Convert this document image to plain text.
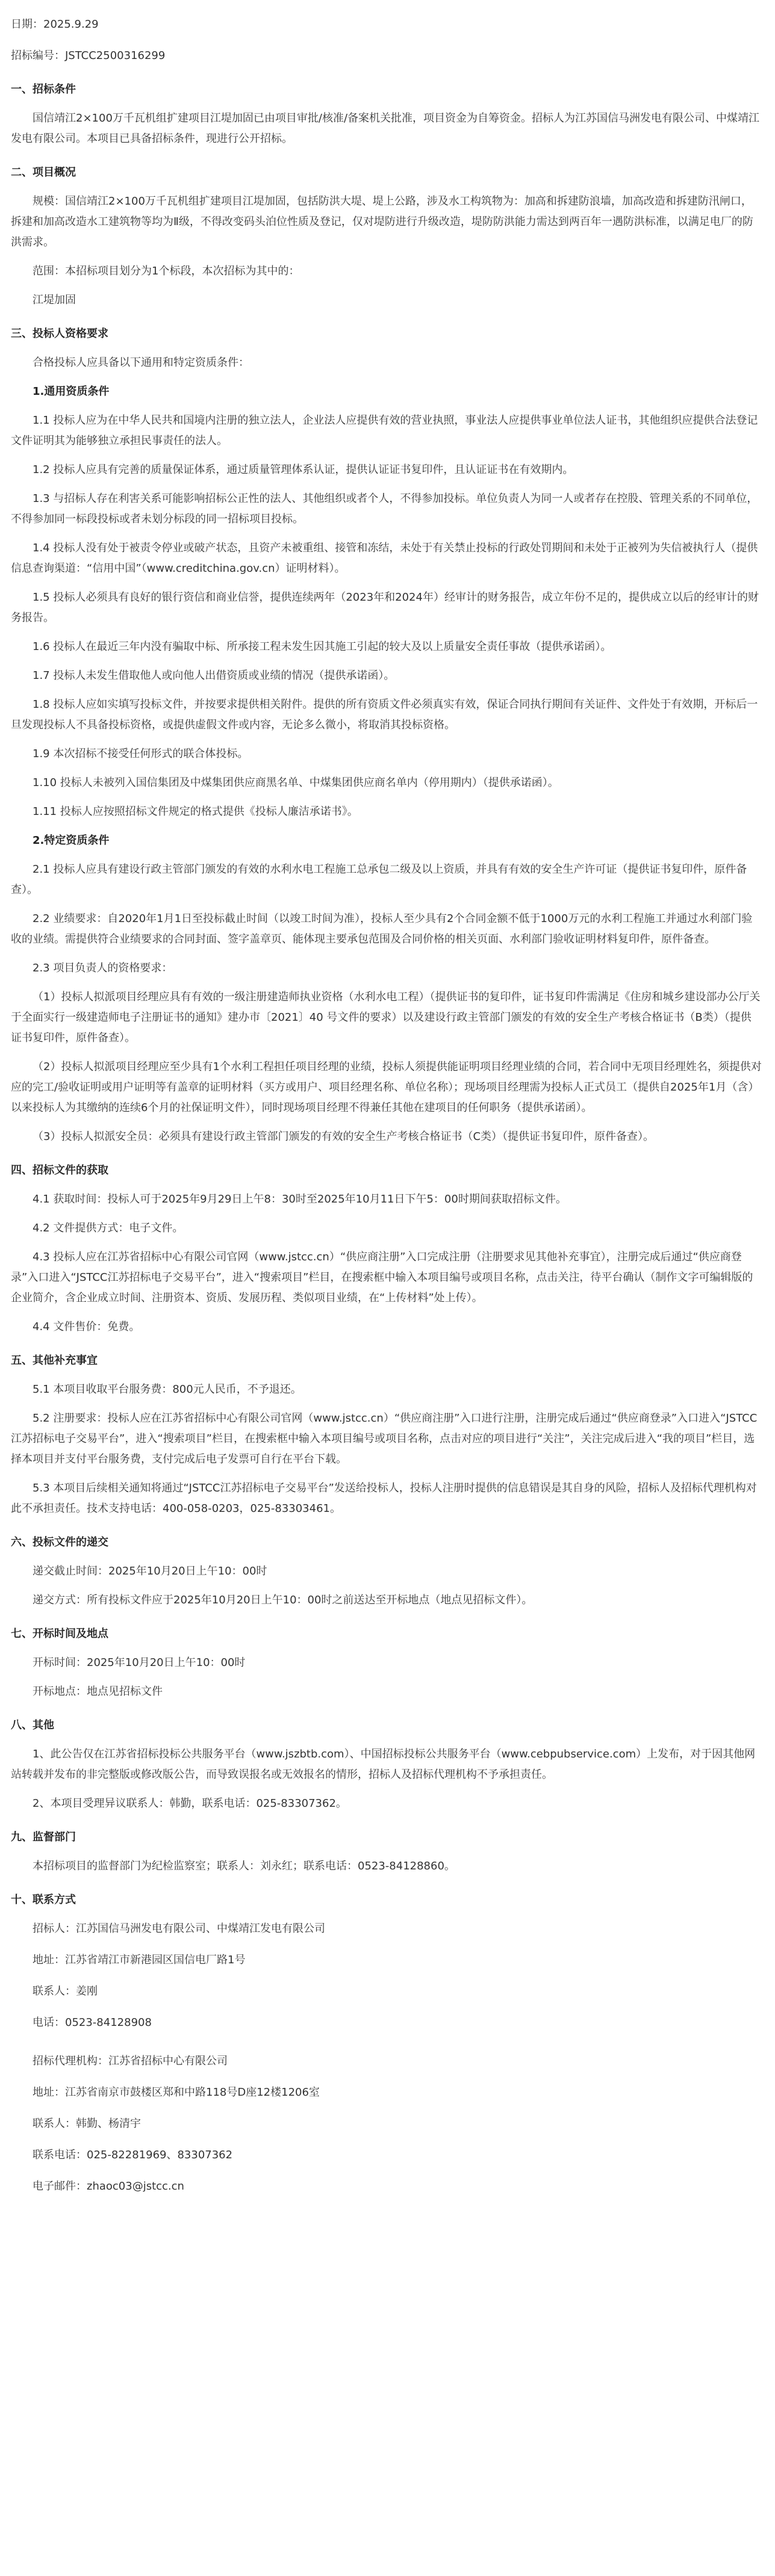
日期：2025.9.29

招标编号：JSTCC2500316299

一、招标条件

国信靖江2×100万千瓦机组扩建项目江堤加固已由项目审批/核准/备案机关批准，项目资金为自筹资金。招标人为江苏国信马洲发电有限公司、中煤靖江发电有限公司。本项目已具备招标条件，现进行公开招标。

二、项目概况

规模：国信靖江2×100万千瓦机组扩建项目江堤加固，包括防洪大堤、堤上公路，涉及水工构筑物为：加高和拆建防浪墙，加高改造和拆建防汛闸口，拆建和加高改造水工建筑物等均为Ⅱ级，不得改变码头泊位性质及登记，仅对堤防进行升级改造，堤防防洪能力需达到两百年一遇防洪标准，以满足电厂的防洪需求。

范围：本招标项目划分为1个标段，本次招标为其中的：

江堤加固

三、投标人资格要求

合格投标人应具备以下通用和特定资质条件：

1.通用资质条件

1.1 投标人应为在中华人民共和国境内注册的独立法人，企业法人应提供有效的营业执照，事业法人应提供事业单位法人证书，其他组织应提供合法登记文件证明其为能够独立承担民事责任的法人。

1.2 投标人应具有完善的质量保证体系，通过质量管理体系认证，提供认证证书复印件，且认证证书在有效期内。

1.3 与招标人存在利害关系可能影响招标公正性的法人、其他组织或者个人，不得参加投标。单位负责人为同一人或者存在控股、管理关系的不同单位，不得参加同一标段投标或者未划分标段的同一招标项目投标。

1.4 投标人没有处于被责令停业或破产状态，且资产未被重组、接管和冻结，未处于有关禁止投标的行政处罚期间和未处于正被列为失信被执行人（提供信息查询渠道：“信用中国”（www.creditchina.gov.cn）证明材料）。

1.5 投标人必须具有良好的银行资信和商业信誉，提供连续两年（2023年和2024年）经审计的财务报告，成立年份不足的，提供成立以后的经审计的财务报告。

1.6 投标人在最近三年内没有骗取中标、所承接工程未发生因其施工引起的较大及以上质量安全责任事故（提供承诺函）。

1.7 投标人未发生借取他人或向他人出借资质或业绩的情况（提供承诺函）。

1.8 投标人应如实填写投标文件，并按要求提供相关附件。提供的所有资质文件必须真实有效，保证合同执行期间有关证件、文件处于有效期，开标后一旦发现投标人不具备投标资格，或提供虚假文件或内容，无论多么微小，将取消其投标资格。

1.9 本次招标不接受任何形式的联合体投标。

1.10 投标人未被列入国信集团及中煤集团供应商黑名单、中煤集团供应商名单内（停用期内）（提供承诺函）。

1.11 投标人应按照招标文件规定的格式提供《投标人廉洁承诺书》。

2.特定资质条件

2.1 投标人应具有建设行政主管部门颁发的有效的水利水电工程施工总承包二级及以上资质，并具有有效的安全生产许可证（提供证书复印件，原件备查）。

2.2 业绩要求：自2020年1月1日至投标截止时间（以竣工时间为准），投标人至少具有2个合同金额不低于1000万元的水利工程施工并通过水利部门验收的业绩。需提供符合业绩要求的合同封面、签字盖章页、能体现主要承包范围及合同价格的相关页面、水利部门验收证明材料复印件，原件备查。

2.3 项目负责人的资格要求：

（1）投标人拟派项目经理应具有有效的一级注册建造师执业资格（水利水电工程）（提供证书的复印件，证书复印件需满足《住房和城乡建设部办公厅关于全面实行一级建造师电子注册证书的通知》建办市〔2021〕40 号文件的要求）以及建设行政主管部门颁发的有效的安全生产考核合格证书（B类）（提供证书复印件，原件备查）。

（2）投标人拟派项目经理应至少具有1个水利工程担任项目经理的业绩，投标人须提供能证明项目经理业绩的合同，若合同中无项目经理姓名，须提供对应的完工/验收证明或用户证明等有盖章的证明材料（买方或用户、项目经理名称、单位名称）；现场项目经理需为投标人正式员工（提供自2025年1月（含）以来投标人为其缴纳的连续6个月的社保证明文件），同时现场项目经理不得兼任其他在建项目的任何职务（提供承诺函）。

（3）投标人拟派安全员：必须具有建设行政主管部门颁发的有效的安全生产考核合格证书（C类）（提供证书复印件，原件备查）。

四、招标文件的获取

4.1 获取时间：投标人可于2025年9月29日上午8：30时至2025年10月11日下午5：00时期间获取招标文件。

4.2 文件提供方式：电子文件。

4.3 投标人应在江苏省招标中心有限公司官网（www.jstcc.cn）“供应商注册”入口完成注册（注册要求见其他补充事宜），注册完成后通过“供应商登录”入口进入“JSTCC江苏招标电子交易平台”，进入“搜索项目”栏目，在搜索框中输入本项目编号或项目名称，点击关注，待平台确认（制作文字可编辑版的企业简介，含企业成立时间、注册资本、资质、发展历程、类似项目业绩，在“上传材料”处上传）。

4.4 文件售价：免费。

五、其他补充事宜

5.1 本项目收取平台服务费：800元人民币，不予退还。

5.2 注册要求：投标人应在江苏省招标中心有限公司官网（www.jstcc.cn）“供应商注册”入口进行注册，注册完成后通过“供应商登录”入口进入“JSTCC江苏招标电子交易平台”，进入“搜索项目”栏目，在搜索框中输入本项目编号或项目名称，点击对应的项目进行“关注”，关注完成后进入“我的项目”栏目，选择本项目并支付平台服务费，支付完成后电子发票可自行在平台下载。

5.3 本项目后续相关通知将通过“JSTCC江苏招标电子交易平台”发送给投标人，投标人注册时提供的信息错误是其自身的风险，招标人及招标代理机构对此不承担责任。技术支持电话：400-058-0203，025-83303461。

六、投标文件的递交

递交截止时间：2025年10月20日上午10：00时

递交方式：所有投标文件应于2025年10月20日上午10：00时之前送达至开标地点（地点见招标文件）。

七、开标时间及地点

开标时间：2025年10月20日上午10：00时

开标地点：地点见招标文件

八、其他

1、此公告仅在江苏省招标投标公共服务平台（www.jszbtb.com）、中国招标投标公共服务平台（www.cebpubservice.com）上发布，对于因其他网站转载并发布的非完整版或修改版公告，而导致误报名或无效报名的情形，招标人及招标代理机构不予承担责任。

2、本项目受理异议联系人：韩勤，联系电话：025-83307362。

九、监督部门

本招标项目的监督部门为纪检监察室；联系人：刘永红；联系电话：0523-84128860。

十、联系方式

招标人：江苏国信马洲发电有限公司、中煤靖江发电有限公司

地址：江苏省靖江市新港园区国信电厂路1号

联系人：姜刚

电话：0523-84128908

招标代理机构：江苏省招标中心有限公司

地址：江苏省南京市鼓楼区郑和中路118号D座12楼1206室

联系人：韩勤、杨清宇

联系电话：025-82281969、83307362

电子邮件：zhaoc03@jstcc.cn
